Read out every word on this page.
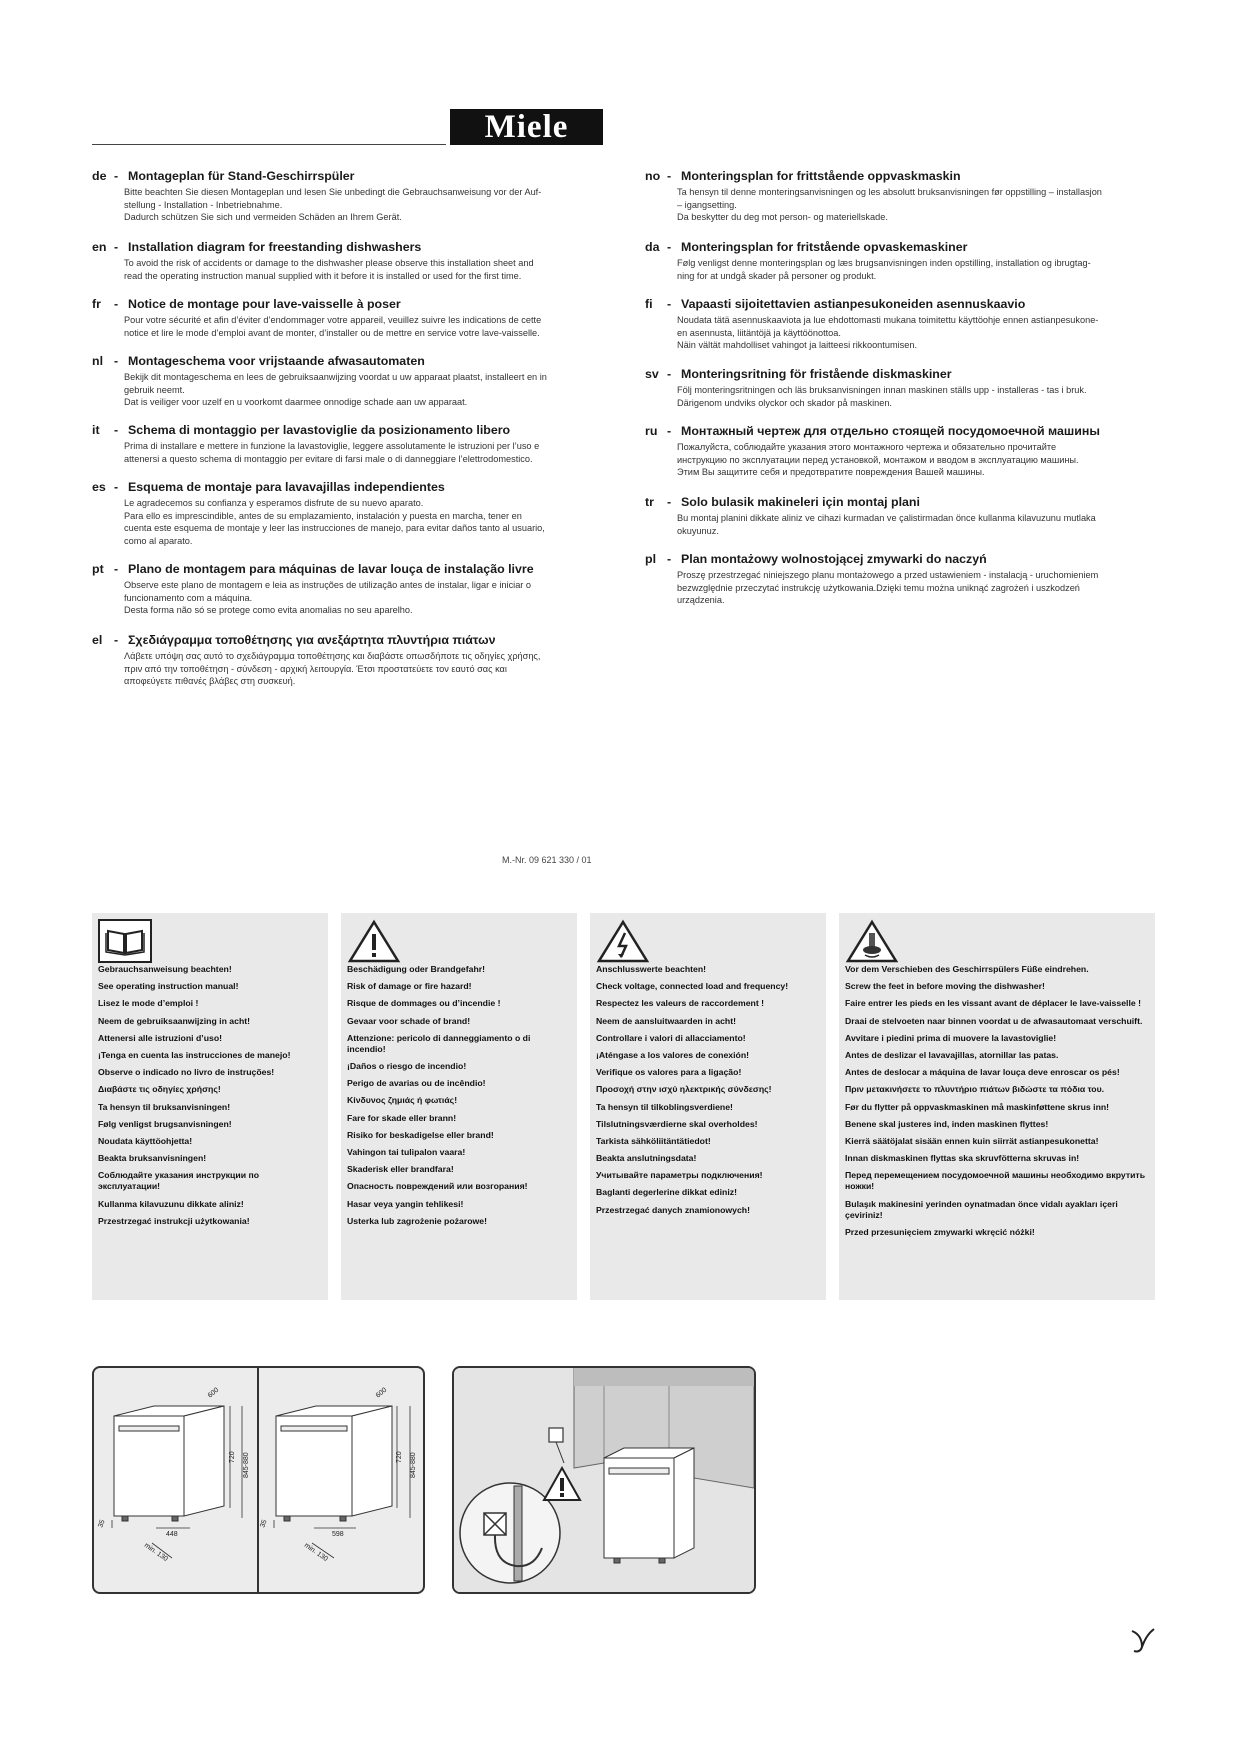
Miele
de - Montageplan für Stand-Geschirrspüler
Bitte beachten Sie diesen Montageplan und lesen Sie unbedingt die Gebrauchsanweisung vor der Auf-
stellung - Installation - Inbetriebnahme.
Dadurch schützen Sie sich und vermeiden Schäden an Ihrem Gerät.
en - Installation diagram for freestanding dishwashers
To avoid the risk of accidents or damage to the dishwasher please observe this installation sheet and
read the operating instruction manual supplied with it before it is installed or used for the first time.
fr - Notice de montage pour lave-vaisselle à poser
Pour votre sécurité et afin d’éviter d’endommager votre appareil, veuillez suivre les indications de cette
notice et lire le mode d’emploi avant de monter, d’installer ou de mettre en service votre lave-vaisselle.
nl - Montageschema voor vrijstaande afwasautomaten
Bekijk dit montageschema en lees de gebruiksaanwijzing voordat u uw apparaat plaatst, installeert en in
gebruik neemt.
Dat is veiliger voor uzelf en u voorkomt daarmee onnodige schade aan uw apparaat.
it - Schema di montaggio per lavastoviglie da posizionamento libero
Prima di installare e mettere in funzione la lavastoviglie, leggere assolutamente le istruzioni per l’uso e
attenersi a questo schema di montaggio per evitare di farsi male o di danneggiare l’elettrodomestico.
es - Esquema de montaje para lavavajillas independientes
Le agradecemos su confianza y esperamos disfrute de su nuevo aparato.
Para ello es imprescindible, antes de su emplazamiento, instalación y puesta en marcha, tener en
cuenta este esquema de montaje y leer las instrucciones de manejo, para evitar daños tanto al usuario,
como al aparato.
pt - Plano de montagem para máquinas de lavar louça de instalação livre
Observe este plano de montagem e leia as instruções de utilização antes de instalar, ligar e iniciar o
funcionamento com a máquina.
Desta forma não só se protege como evita anomalias no seu aparelho.
el - Σχεδιάγραμμα τοποθέτησης για ανεξάρτητα πλυντήρια πιάτων
Λάβετε υπόψη σας αυτό το σχεδιάγραμμα τοποθέτησης και διαβάστε οπωσδήποτε τις οδηγίες χρήσης,
πριν από την τοποθέτηση - σύνδεση - αρχική λειτουργία. Έτσι προστατεύετε τον εαυτό σας και
αποφεύγετε πιθανές βλάβες στη συσκευή.
no - Monteringsplan for frittstående oppvaskmaskin
Ta hensyn til denne monteringsanvisningen og les absolutt bruksanvisningen før oppstilling – installasjon
– igangsetting.
Da beskytter du deg mot person- og materiellskade.
da - Monteringsplan for fritstående opvaskemaskiner
Følg venligst denne monteringsplan og læs brugsanvisningen inden opstilling, installation og ibrugtag-
ning for at undgå skader på personer og produkt.
fi - Vapaasti sijoitettavien astianpesukoneiden asennuskaavio
Noudata tätä asennuskaaviota ja lue ehdottomasti mukana toimitettu käyttöohje ennen astianpesukone-
en asennusta, liitäntöjä ja käyttöönottoa.
Näin vältät mahdolliset vahingot ja laitteesi rikkoontumisen.
sv - Monteringsritning för fristående diskmaskiner
Följ monteringsritningen och läs bruksanvisningen innan maskinen ställs upp - installeras - tas i bruk.
Därigenom undviks olyckor och skador på maskinen.
ru - Монтажный чертеж для отдельно стоящей посудомоечной машины
Пожалуйста, соблюдайте указания этого монтажного чертежа и обязательно прочитайте
инструкцию по эксплуатации перед установкой, монтажом и вводом в эксплуатацию машины.
Этим Вы защитите себя и предотвратите повреждения Вашей машины.
tr - Solo bulasik makineleri için montaj plani
Bu montaj planini dikkate aliniz ve cihazi kurmadan ve çalistirmadan önce kullanma kilavuzunu mutlaka
okuyunuz.
pl - Plan montażowy wolnostojącej zmywarki do naczyń
Proszę przestrzegać niniejszego planu montażowego a przed ustawieniem - instalacją - uruchomieniem
bezwzględnie przeczytać instrukcję użytkowania.Dzięki temu można uniknąć zagrożeń i uszkodzeń
urządzenia.
M.-Nr. 09 621 330 / 01
Gebrauchsanweisung beachten!
See operating instruction manual!
Lisez le mode d’emploi !
Neem de gebruiksaanwijzing in acht!
Attenersi alle istruzioni d’uso!
¡Tenga en cuenta las instrucciones de manejo!
Observe o indicado no livro de instruções!
Διαβάστε τις οδηγίες χρήσης!
Ta hensyn til bruksanvisningen!
Følg venligst brugsanvisningen!
Noudata käyttöohjetta!
Beakta bruksanvisningen!
Соблюдайте указания инструкции по эксплуатации!
Kullanma kilavuzunu dikkate aliniz!
Przestrzegać instrukcji użytkowania!
Beschädigung oder Brandgefahr!
Risk of damage or fire hazard!
Risque de dommages ou d’incendie !
Gevaar voor schade of brand!
Attenzione: pericolo di danneggiamento o di incendio!
¡Daños o riesgo de incendio!
Perigo de avarias ou de incêndio!
Κίνδυνος ζημιάς ή φωτιάς!
Fare for skade eller brann!
Risiko for beskadigelse eller brand!
Vahingon tai tulipalon vaara!
Skaderisk eller brandfara!
Опасность повреждений или возгорания!
Hasar veya yangin tehlikesi!
Usterka lub zagrożenie pożarowe!
Anschlusswerte beachten!
Check voltage, connected load and frequency!
Respectez les valeurs de raccordement !
Neem de aansluitwaarden in acht!
Controllare i valori di allacciamento!
¡Aténgase a los valores de conexión!
Verifique os valores para a ligação!
Προσοχή στην ισχύ ηλεκτρικής σύνδεσης!
Ta hensyn til tilkoblingsverdiene!
Tilslutningsværdierne skal overholdes!
Tarkista sähköliitäntätiedot!
Beakta anslutningsdata!
Учитывайте параметры подключения!
Baglanti degerlerine dikkat ediniz!
Przestrzegać danych znamionowych!
Vor dem Verschieben des Geschirrspülers Füße eindrehen.
Screw the feet in before moving the dishwasher!
Faire entrer les pieds en les vissant avant de déplacer le lave-vaisselle !
Draai de stelvoeten naar binnen voordat u de afwasautomaat verschuift.
Avvitare i piedini prima di muovere la lavastoviglie!
Antes de deslizar el lavavajillas, atornillar las patas.
Antes de deslocar a máquina de lavar louça deve enroscar os pés!
Πριν μετακινήσετε το πλυντήριο πιάτων βιδώστε τα πόδια του.
Før du flytter på oppvaskmaskinen må maskinføttene skrus inn!
Benene skal justeres ind, inden maskinen flyttes!
Kierrä säätöjalat sisään ennen kuin siirrät astianpesukonetta!
Innan diskmaskinen flyttas ska skruvfötterna skruvas in!
Перед перемещением посудомоечной машины необходимо вкрутить ножки!
Bulaşık makinesini yerinden oynatmadan önce vidalı ayakları içeri çeviriniz!
Przed przesunięciem zmywarki wkręcić nóżki!
600
720 845-880
448
35
min. 130
600
720 845-880
598
35
min. 130
